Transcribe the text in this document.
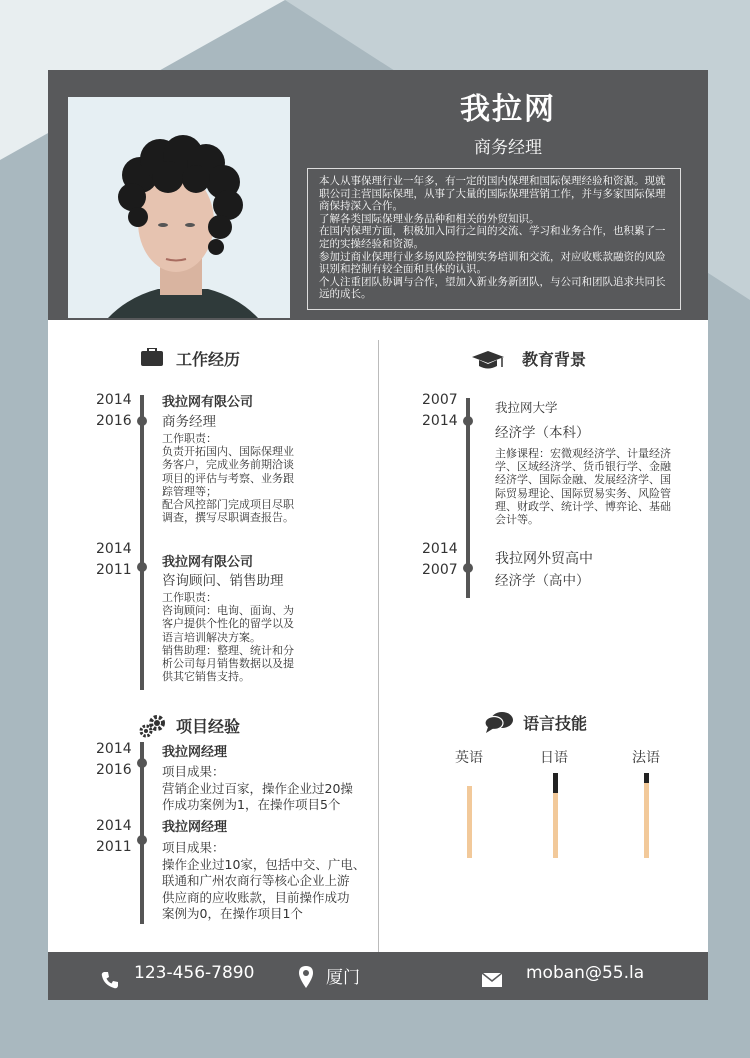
我拉网
商务经理

本人从事保理行业一年多，有一定的国内保理和国际保理经验和资源。现就职公司主营国际保理，从事了大量的国际保理营销工作，并与多家国际保理商保持深入合作。

了解各类国际保理业务品种和相关的外贸知识。

在国内保理方面，积极加入同行之间的交流、学习和业务合作，也积累了一定的实操经验和资源。

参加过商业保理行业多场风险控制实务培训和交流，对应收账款融资的风险识别和控制有较全面和具体的认识。

个人注重团队协调与合作，望加入新业务新团队，与公司和团队追求共同长远的成长。

工作经历
2014
2016
我拉网有限公司
商务经理
工作职责：
负责开拓国内、国际保理业
务客户，完成业务前期洽谈
项目的评估与考察、业务跟
踪管理等；
配合风控部门完成项目尽职
调查，撰写尽职调查报告。
2014
2011 我拉网有限公司
咨询顾问、销售助理
工作职责：
咨询顾问：电询、面询、为
客户提供个性化的留学以及
语言培训解决方案。
销售助理：整理、统计和分
析公司每月销售数据以及提
供其它销售支持。
教育背景
2007
2014
我拉网大学
经济学（本科）
主修课程：宏微观经济学、计量经济
学、区域经济学、货币银行学、金融
经济学、国际金融、发展经济学、国
际贸易理论、国际贸易实务、风险管
理、财政学、统计学、博弈论、基础
会计等。
2014
2007
我拉网外贸高中
经济学（高中）
项目经验
2014
2016
我拉网经理
项目成果：
营销企业过百家，操作企业过20操
作成功案例为1，在操作项目5个
2014
2011
我拉网经理
项目成果：
操作企业过10家，包括中交、广电、
联通和广州农商行等核心企业上游
供应商的应收账款，目前操作成功
案例为0，在操作项目1个
语言技能
英语	日语	法语
123-456-7890	厦门	moban@55.la
